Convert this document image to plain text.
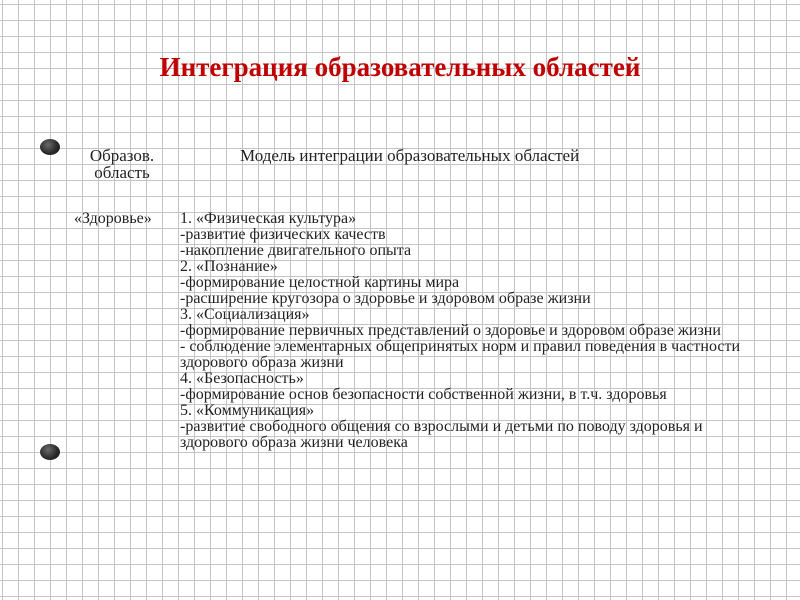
Интеграция образовательных областей
Образов.
область
Модель интеграции образовательных областей
«Здоровье» 1. «Физическая культура»
-развитие физических качеств
-накопление двигательного опыта
2. «Познание»
-формирование целостной картины мира
-расширение кругозора о здоровье и здоровом образе жизни
3. «Социализация»
-формирование первичных представлений о здоровье и здоровом образе жизни
- соблюдение элементарных общепринятых норм и правил поведения в частности здорового образа жизни
4. «Безопасность»
-формирование основ безопасности собственной жизни, в т.ч. здоровья
5. «Коммуникация»
-развитие свободного общения со взрослыми и детьми по поводу здоровья и здорового образа жизни человека
